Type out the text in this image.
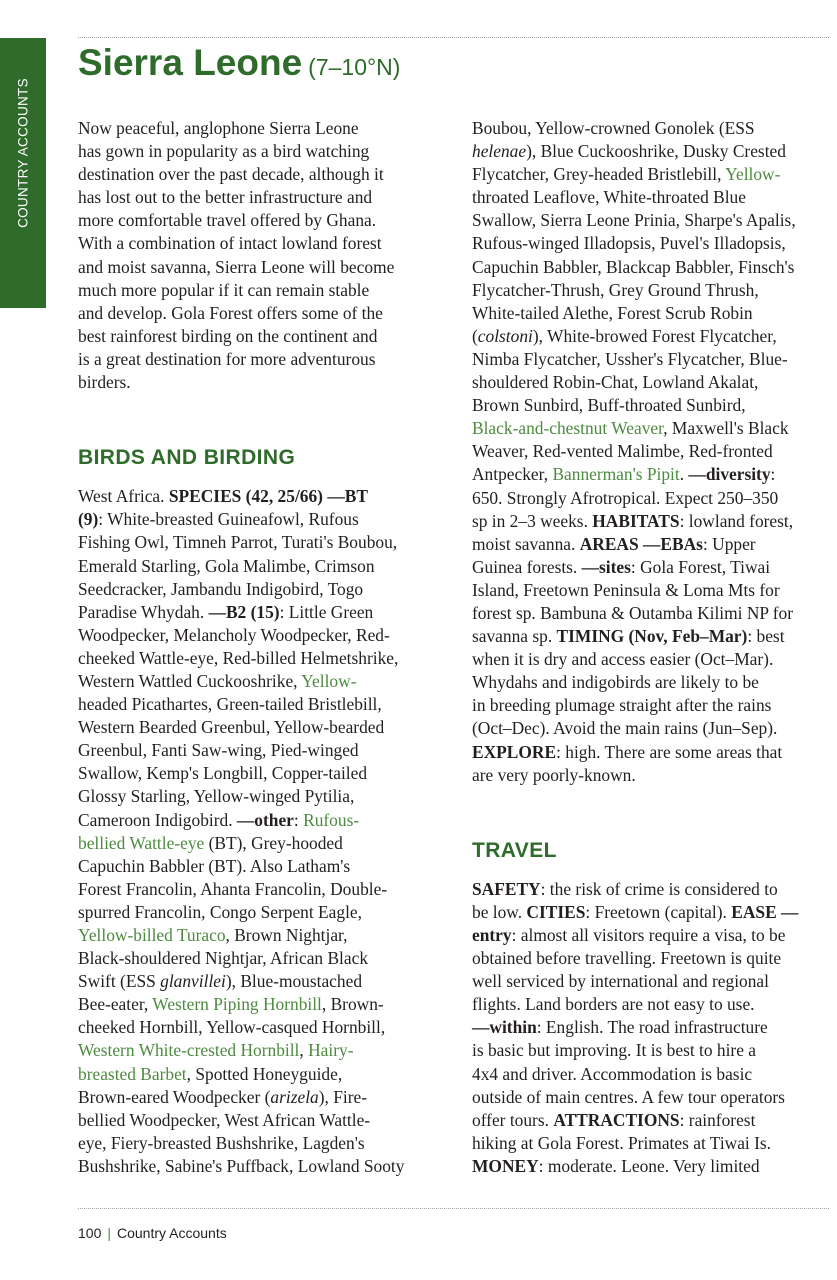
COUNTRY ACCOUNTS
Sierra Leone (7–10°N)

Now peaceful, anglophone Sierra Leone
has gown in popularity as a bird watching
destination over the past decade, although it
has lost out to the better infrastructure and
more comfortable travel offered by Ghana.
With a combination of intact lowland forest
and moist savanna, Sierra Leone will become
much more popular if it can remain stable
and develop. Gola Forest offers some of the
best rainforest birding on the continent and
is a great destination for more adventurous
birders.

BIRDS AND BIRDING

West Africa. SPECIES (42, 25/66) —BT
(9): White-breasted Guineafowl, Rufous
Fishing Owl, Timneh Parrot, Turati's Boubou,
Emerald Starling, Gola Malimbe, Crimson
Seedcracker, Jambandu Indigobird, Togo
Paradise Whydah. —B2 (15): Little Green
Woodpecker, Melancholy Woodpecker, Red-
cheeked Wattle-eye, Red-billed Helmetshrike,
Western Wattled Cuckooshrike, Yellow-
headed Picathartes, Green-tailed Bristlebill,
Western Bearded Greenbul, Yellow-bearded
Greenbul, Fanti Saw-wing, Pied-winged
Swallow, Kemp's Longbill, Copper-tailed
Glossy Starling, Yellow-winged Pytilia,
Cameroon Indigobird. —other: Rufous-
bellied Wattle-eye (BT), Grey-hooded
Capuchin Babbler (BT). Also Latham's
Forest Francolin, Ahanta Francolin, Double-
spurred Francolin, Congo Serpent Eagle,
Yellow-billed Turaco, Brown Nightjar,
Black-shouldered Nightjar, African Black
Swift (ESS glanvillei), Blue-moustached
Bee-eater, Western Piping Hornbill, Brown-
cheeked Hornbill, Yellow-casqued Hornbill,
Western White-crested Hornbill, Hairy-
breasted Barbet, Spotted Honeyguide,
Brown-eared Woodpecker (arizela), Fire-
bellied Woodpecker, West African Wattle-
eye, Fiery-breasted Bushshrike, Lagden's
Bushshrike, Sabine's Puffback, Lowland Sooty

Boubou, Yellow-crowned Gonolek (ESS
helenae), Blue Cuckooshrike, Dusky Crested
Flycatcher, Grey-headed Bristlebill, Yellow-
throated Leaflove, White-throated Blue
Swallow, Sierra Leone Prinia, Sharpe's Apalis,
Rufous-winged Illadopsis, Puvel's Illadopsis,
Capuchin Babbler, Blackcap Babbler, Finsch's
Flycatcher-Thrush, Grey Ground Thrush,
White-tailed Alethe, Forest Scrub Robin
(colstoni), White-browed Forest Flycatcher,
Nimba Flycatcher, Ussher's Flycatcher, Blue-
shouldered Robin-Chat, Lowland Akalat,
Brown Sunbird, Buff-throated Sunbird,
Black-and-chestnut Weaver, Maxwell's Black
Weaver, Red-vented Malimbe, Red-fronted
Antpecker, Bannerman's Pipit. —diversity:
650. Strongly Afrotropical. Expect 250–350
sp in 2–3 weeks. HABITATS: lowland forest,
moist savanna. AREAS —EBAs: Upper
Guinea forests. —sites: Gola Forest, Tiwai
Island, Freetown Peninsula & Loma Mts for
forest sp. Bambuna & Outamba Kilimi NP for
savanna sp. TIMING (Nov, Feb–Mar): best
when it is dry and access easier (Oct–Mar).
Whydahs and indigobirds are likely to be
in breeding plumage straight after the rains
(Oct–Dec). Avoid the main rains (Jun–Sep).
EXPLORE: high. There are some areas that
are very poorly-known.

TRAVEL

SAFETY: the risk of crime is considered to
be low. CITIES: Freetown (capital). EASE —
entry: almost all visitors require a visa, to be
obtained before travelling. Freetown is quite
well serviced by international and regional
flights. Land borders are not easy to use.
—within: English. The road infrastructure
is basic but improving. It is best to hire a
4x4 and driver. Accommodation is basic
outside of main centres. A few tour operators
offer tours. ATTRACTIONS: rainforest
hiking at Gola Forest. Primates at Tiwai Is.
MONEY: moderate. Leone. Very limited

100 | Country Accounts
